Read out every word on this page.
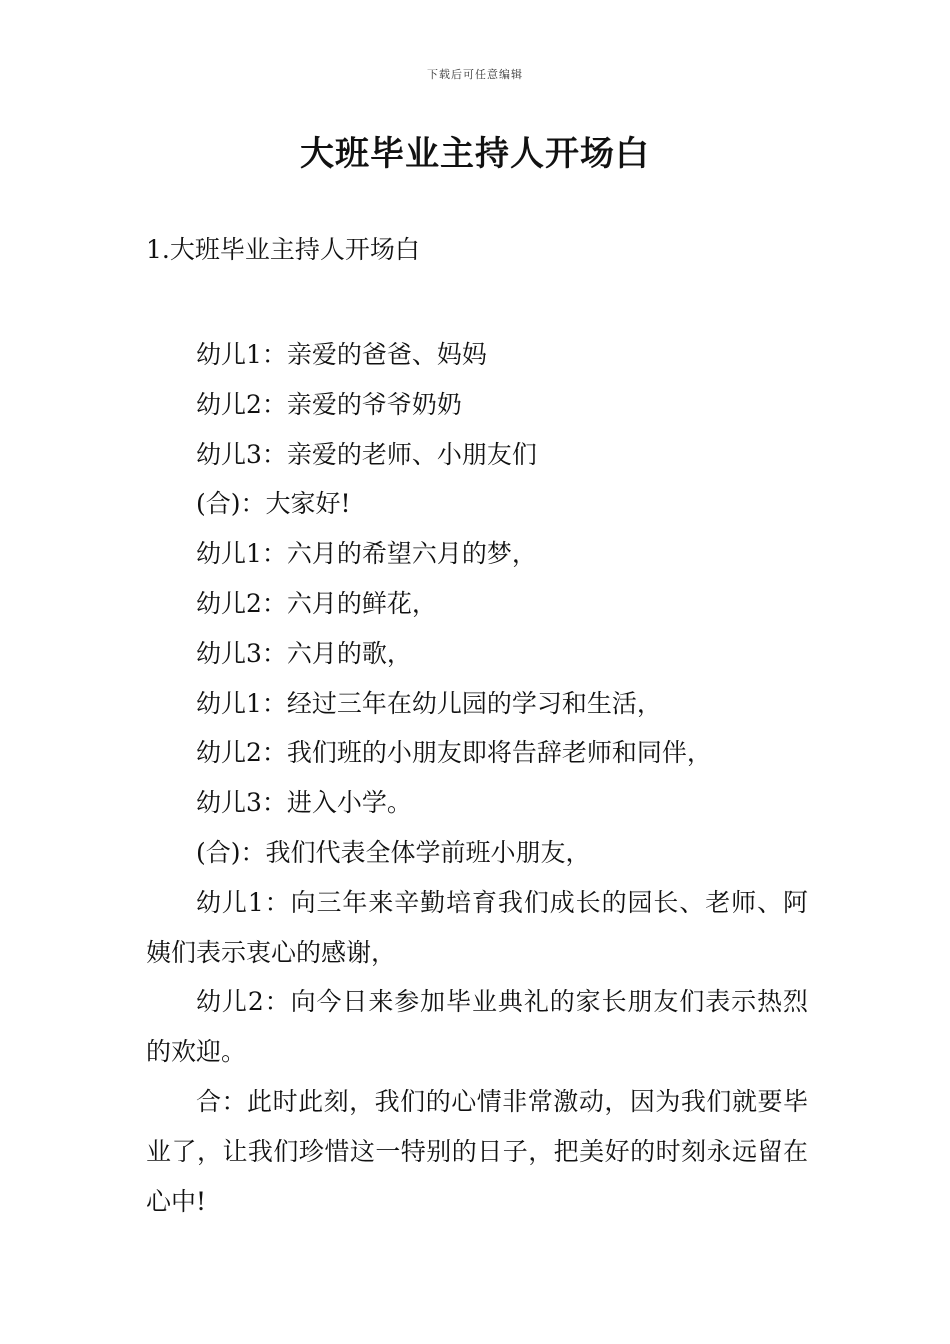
下载后可任意编辑
大班毕业主持人开场白
1.大班毕业主持人开场白

幼儿1：亲爱的爸爸、妈妈

幼儿2：亲爱的爷爷奶奶

幼儿3：亲爱的老师、小朋友们

(合)：大家好!

幼儿1：六月的希望六月的梦，

幼儿2：六月的鲜花，

幼儿3：六月的歌，

幼儿1：经过三年在幼儿园的学习和生活，

幼儿2：我们班的小朋友即将告辞老师和同伴，

幼儿3：进入小学。

(合)：我们代表全体学前班小朋友，

幼儿1：向三年来辛勤培育我们成长的园长、老师、阿姨们表示衷心的感谢，

幼儿2：向今日来参加毕业典礼的家长朋友们表示热烈的欢迎。

合：此时此刻，我们的心情非常激动，因为我们就要毕业了，让我们珍惜这一特别的日子，把美好的时刻永远留在心中!
